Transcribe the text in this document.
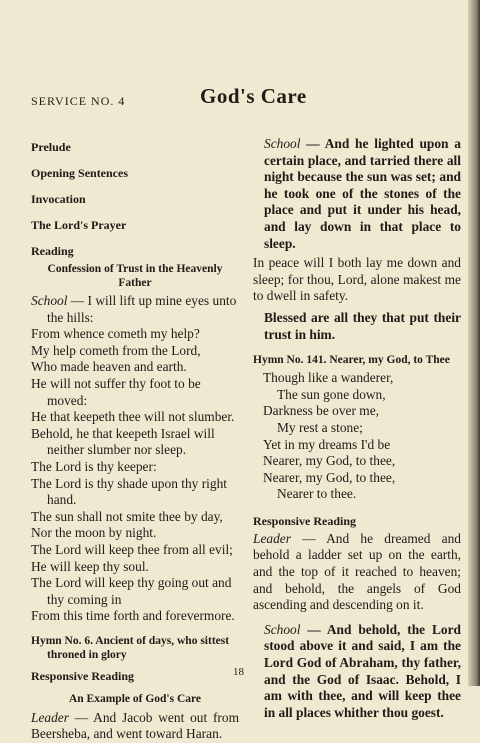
SERVICE NO. 4	God's Care
Prelude
Opening Sentences
Invocation
The Lord's Prayer
Reading
Confession of Trust in the Heavenly Father
School — I will lift up mine eyes unto the hills:
From whence cometh my help?
My help cometh from the Lord,
Who made heaven and earth.
He will not suffer thy foot to be moved:
He that keepeth thee will not slumber.
Behold, he that keepeth Israel will neither slumber nor sleep.
The Lord is thy keeper:
The Lord is thy shade upon thy right hand.
The sun shall not smite thee by day,
Nor the moon by night.
The Lord will keep thee from all evil;
He will keep thy soul.
The Lord will keep thy going out and thy coming in
From this time forth and forevermore.
Hymn No. 6. Ancient of days, who sittest throned in glory
Responsive Reading
An Example of God's Care
Leader — And Jacob went out from Beersheba, and went toward Haran.
School — And he lighted upon a certain place, and tarried there all night because the sun was set; and he took one of the stones of the place and put it under his head, and lay down in that place to sleep.
In peace will I both lay me down and sleep; for thou, Lord, alone makest me to dwell in safety.
Blessed are all they that put their trust in him.
Hymn No. 141. Nearer, my God, to Thee
Though like a wanderer,
The sun gone down,
Darkness be over me,
My rest a stone;
Yet in my dreams I'd be
Nearer, my God, to thee,
Nearer, my God, to thee,
Nearer to thee.
Responsive Reading
Leader — And he dreamed and behold a ladder set up on the earth, and the top of it reached to heaven; and behold, the angels of God ascending and descending on it.
School — And behold, the Lord stood above it and said, I am the Lord God of Abraham, thy father, and the God of Isaac. Behold, I am with thee, and will keep thee in all places whither thou goest.
18
